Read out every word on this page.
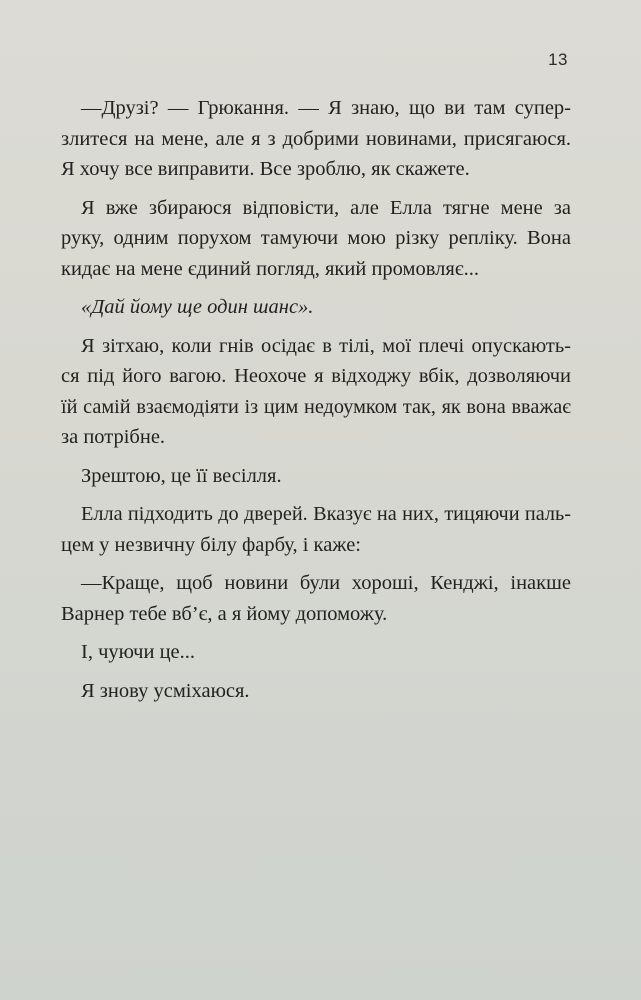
13
—Друзі? — Грюкання. — Я знаю, що ви там супер-
злитеся на мене, але я з добрими новинами, присягаюся.
Я хочу все виправити. Все зроблю, як скажете.
Я вже збираюся відповісти, але Елла тягне мене за
руку, одним порухом тамуючи мою різку репліку. Вона
кидає на мене єдиний погляд, який промовляє...
«Дай йому ще один шанс».
Я зітхаю, коли гнів осідає в тілі, мої плечі опускають-
ся під його вагою. Неохоче я відходжу вбік, дозволяючи
їй самій взаємодіяти із цим недоумком так, як вона вважає
за потрібне.
Зрештою, це її весілля.
Елла підходить до дверей. Вказує на них, тицяючи паль-
цем у незвичну білу фарбу, і каже:
—Краще, щоб новини були хороші, Кенджі, інакше
Варнер тебе вб’є, а я йому допоможу.
І, чуючи це...
Я знову усміхаюся.
